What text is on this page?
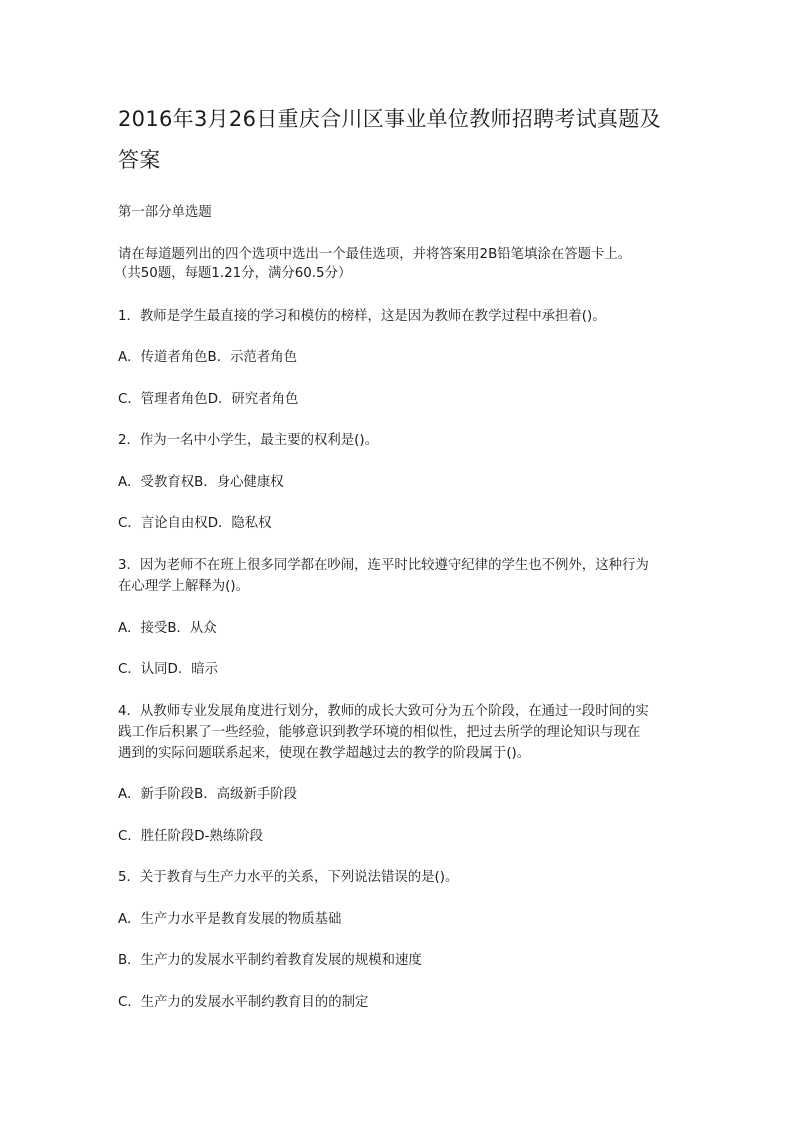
2016年3月26日重庆合川区事业单位教师招聘考试真题及
答案
第一部分单选题
请在每道题列出的四个选项中选出一个最佳选项，并将答案用2B铅笔填涂在答题卡上。
（共50题，每题1.21分，满分60.5分）
1．教师是学生最直接的学习和模仿的榜样，这是因为教师在教学过程中承担着()。
A．传道者角色B．示范者角色
C．管理者角色D．研究者角色
2．作为一名中小学生，最主要的权利是()。
A．受教育权B．身心健康权
C．言论自由权D．隐私权
3．因为老师不在班上很多同学都在吵闹，连平时比较遵守纪律的学生也不例外，这种行为
在心理学上解释为()。
A．接受B．从众
C．认同D．暗示
4．从教师专业发展角度进行划分，教师的成长大致可分为五个阶段，在通过一段时间的实
践工作后积累了一些经验，能够意识到教学环境的相似性，把过去所学的理论知识与现在
遇到的实际问题联系起来，使现在教学超越过去的教学的阶段属于()。
A．新手阶段B．高级新手阶段
C．胜任阶段D-熟练阶段
5．关于教育与生产力水平的关系，下列说法错误的是()。
A．生产力水平是教育发展的物质基础
B．生产力的发展水平制约着教育发展的规模和速度
C．生产力的发展水平制约教育目的的制定
